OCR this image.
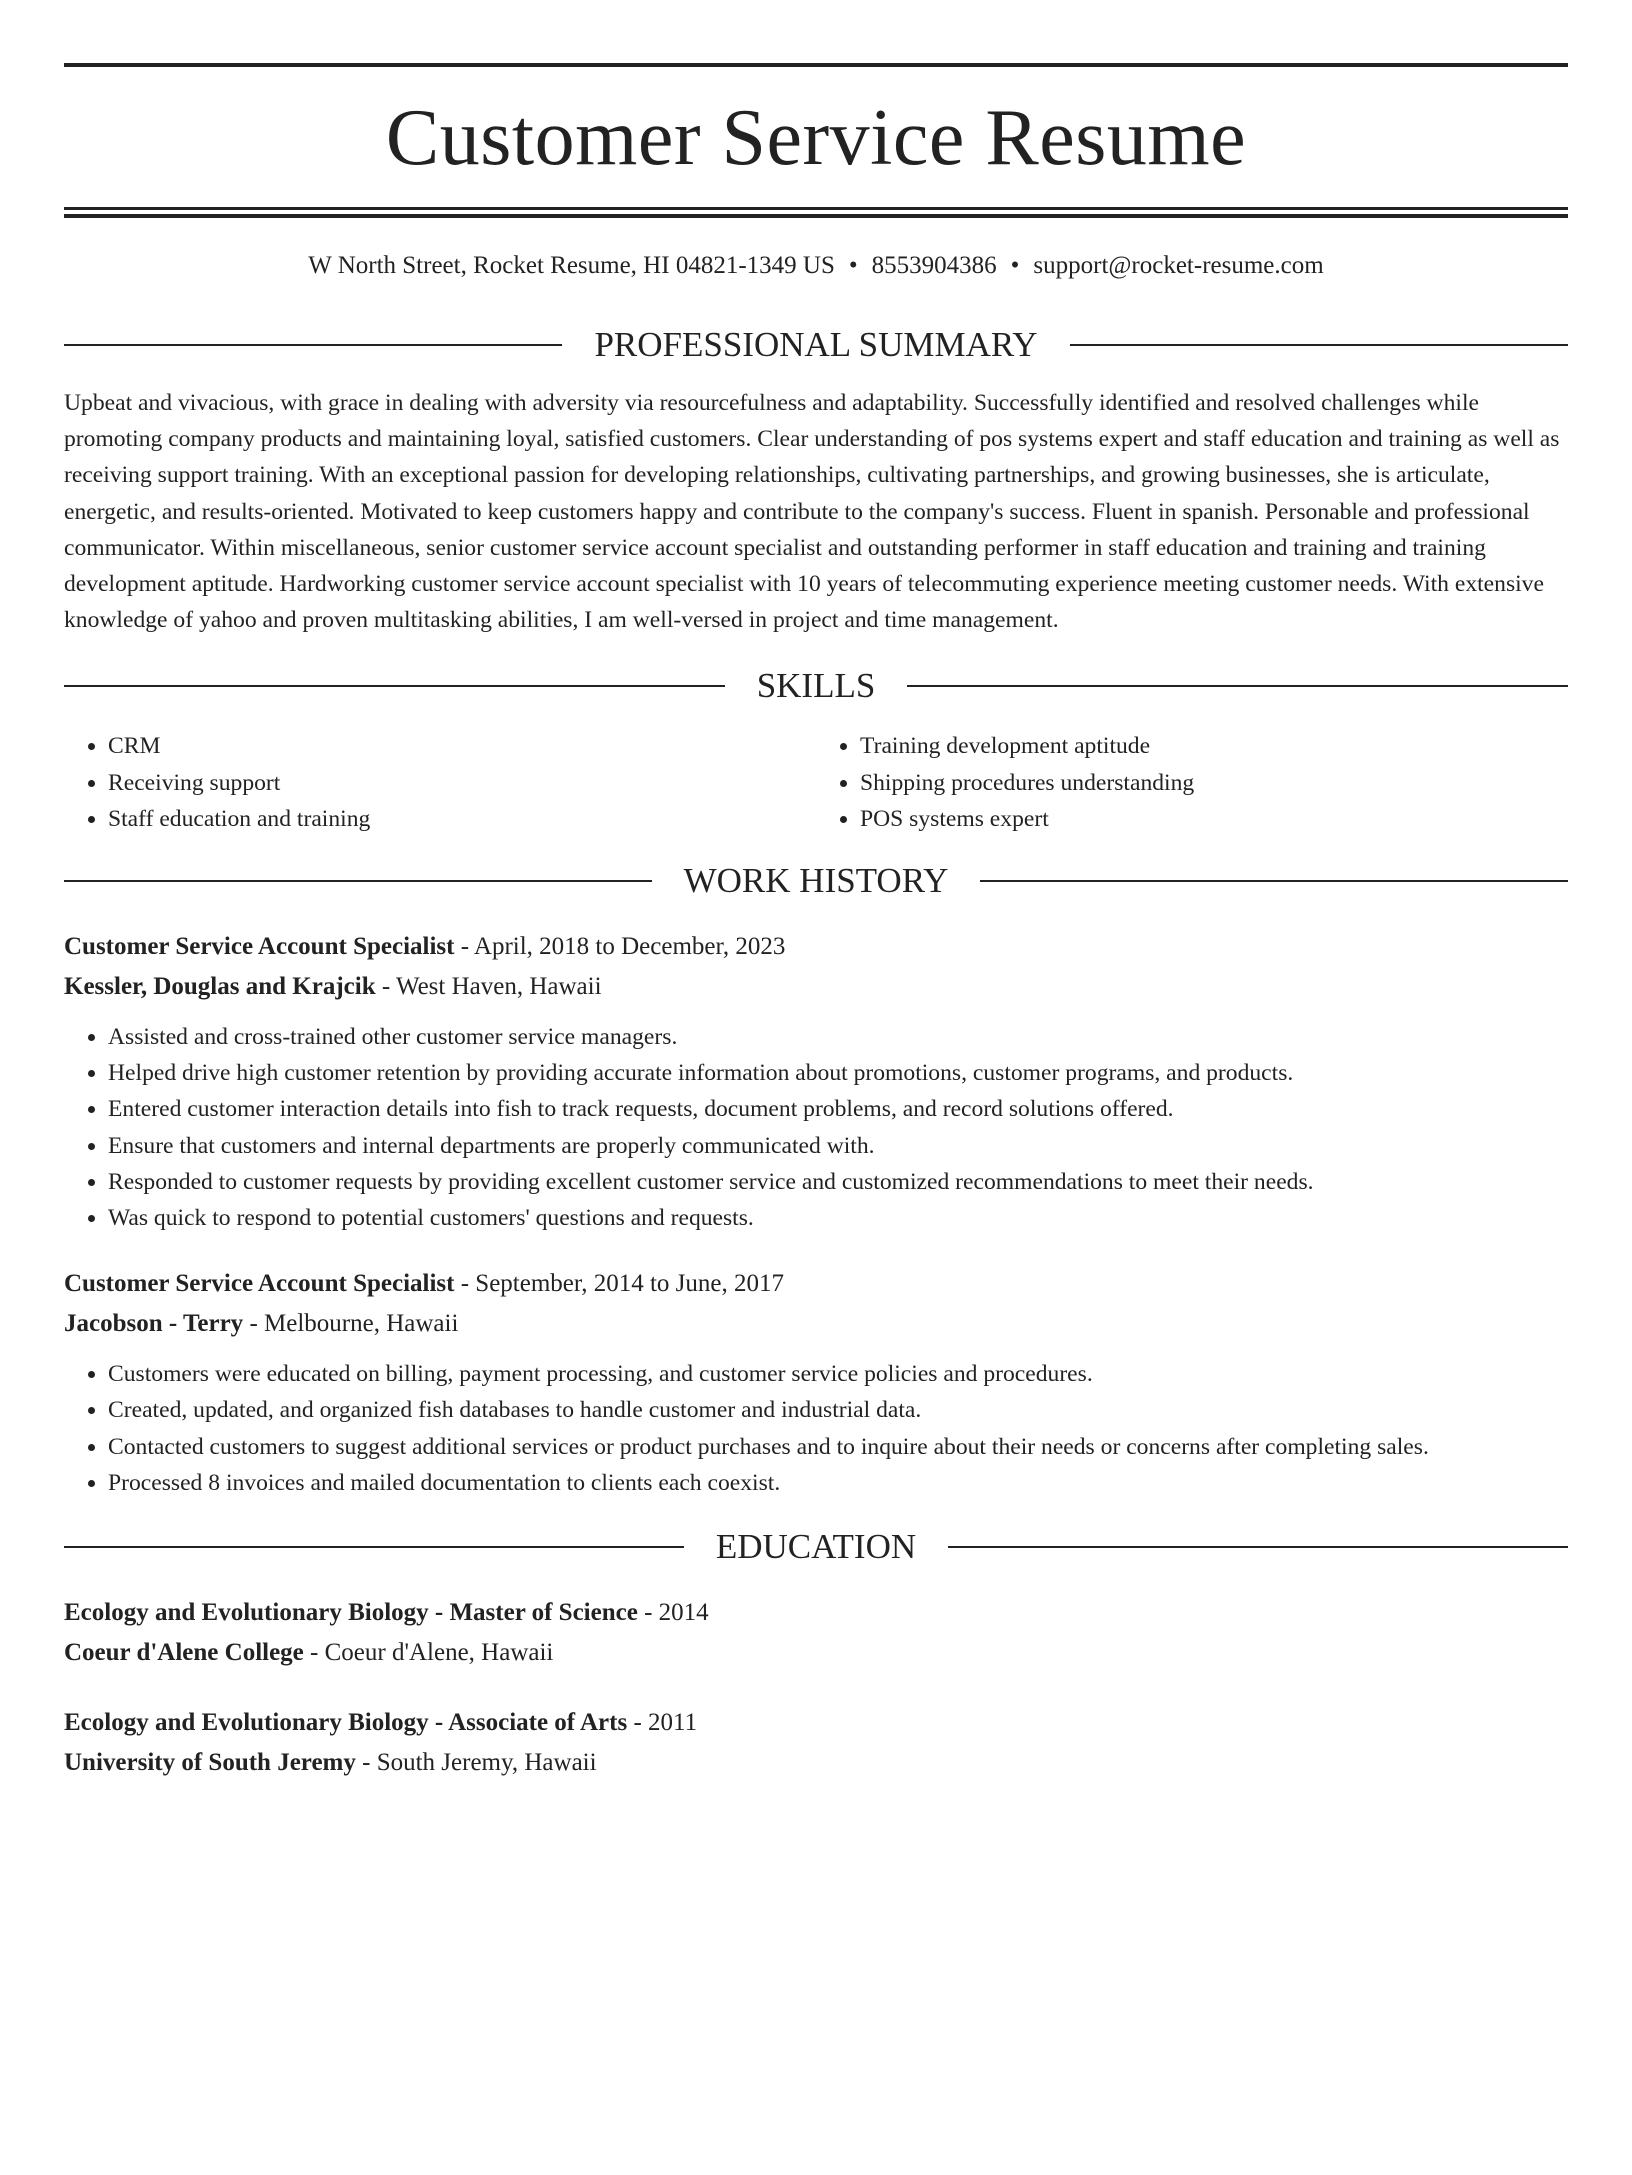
Customer Service Resume
W North Street, Rocket Resume, HI 04821-1349 US • 8553904386 • support@rocket-resume.com
PROFESSIONAL SUMMARY

Upbeat and vivacious, with grace in dealing with adversity via resourcefulness and adaptability. Successfully identified and resolved challenges while promoting company products and maintaining loyal, satisfied customers. Clear understanding of pos systems expert and staff education and training as well as receiving support training. With an exceptional passion for developing relationships, cultivating partnerships, and growing businesses, she is articulate, energetic, and results-oriented. Motivated to keep customers happy and contribute to the company's success. Fluent in spanish. Personable and professional communicator. Within miscellaneous, senior customer service account specialist and outstanding performer in staff education and training and training development aptitude. Hardworking customer service account specialist with 10 years of telecommuting experience meeting customer needs. With extensive knowledge of yahoo and proven multitasking abilities, I am well-versed in project and time management.

SKILLS
• CRM
• Receiving support
• Staff education and training
• Training development aptitude
• Shipping procedures understanding
• POS systems expert
WORK HISTORY
Customer Service Account Specialist - April, 2018 to December, 2023
Kessler, Douglas and Krajcik - West Haven, Hawaii
• Assisted and cross-trained other customer service managers.
• Helped drive high customer retention by providing accurate information about promotions, customer programs, and products.
• Entered customer interaction details into fish to track requests, document problems, and record solutions offered.
• Ensure that customers and internal departments are properly communicated with.
• Responded to customer requests by providing excellent customer service and customized recommendations to meet their needs.
• Was quick to respond to potential customers' questions and requests.
Customer Service Account Specialist - September, 2014 to June, 2017
Jacobson - Terry - Melbourne, Hawaii
• Customers were educated on billing, payment processing, and customer service policies and procedures.
• Created, updated, and organized fish databases to handle customer and industrial data.
• Contacted customers to suggest additional services or product purchases and to inquire about their needs or concerns after completing sales.
• Processed 8 invoices and mailed documentation to clients each coexist.
EDUCATION
Ecology and Evolutionary Biology - Master of Science - 2014
Coeur d'Alene College - Coeur d'Alene, Hawaii
Ecology and Evolutionary Biology - Associate of Arts - 2011
University of South Jeremy - South Jeremy, Hawaii
